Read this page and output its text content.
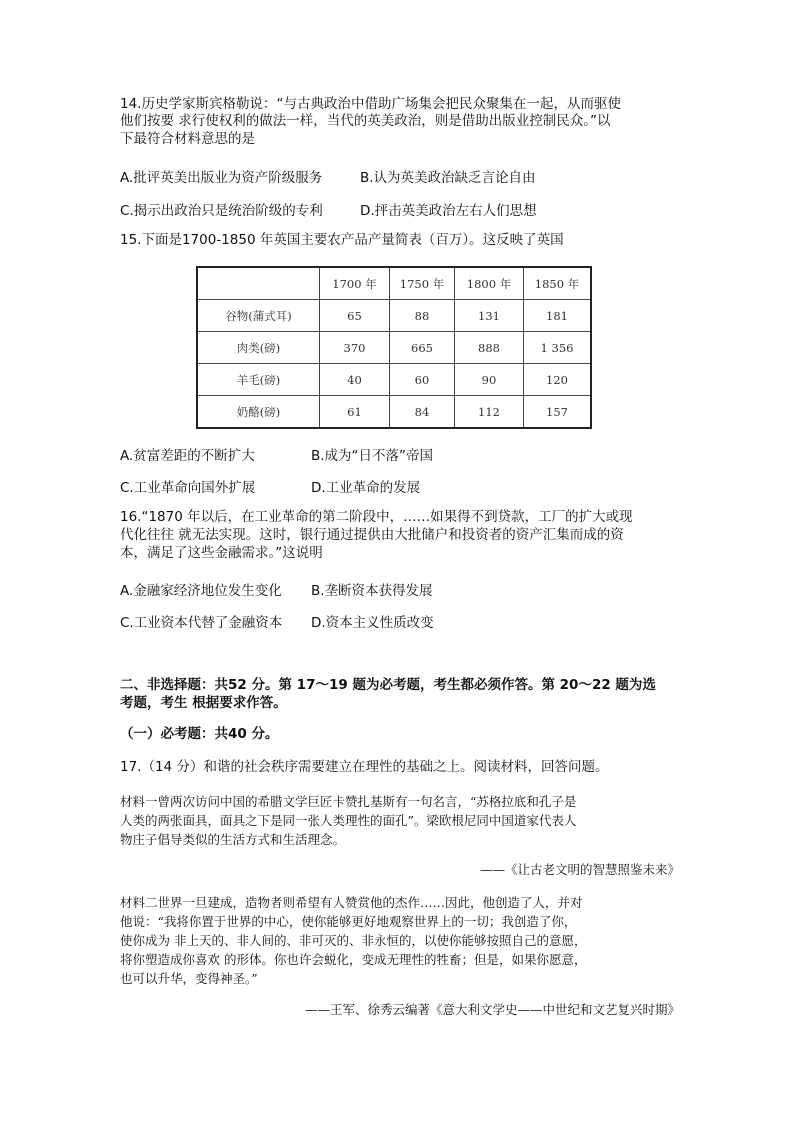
14.历史学家斯宾格勒说：“与古典政治中借助广场集会把民众聚集在一起，从而驱使
他们按要 求行使权利的做法一样，当代的英美政治，则是借助出版业控制民众。”以
下最符合材料意思的是
A.批评英美出版业为资产阶级服务	B.认为英美政治缺乏言论自由
C.揭示出政治只是统治阶级的专利	D.抨击英美政治左右人们思想
15.下面是1700-1850 年英国主要农产品产量简表（百万）。这反映了英国
	1700 年	1750 年	1800 年	1850 年
谷物(蒲式耳)	65	88	131	181
肉类(磅)	370	665	888	1 356
羊毛(磅)	40	60	90	120
奶酪(磅)	61	84	112	157
A.贫富差距的不断扩大	B.成为“日不落”帝国
C.工业革命向国外扩展	D.工业革命的发展
16.“1870 年以后，在工业革命的第二阶段中，……如果得不到贷款，工厂的扩大或现
代化往往 就无法实现。这时，银行通过提供由大批储户和投资者的资产汇集而成的资
本，满足了这些金融需求。”这说明
A.金融家经济地位发生变化 B.垄断资本获得发展
C.工业资本代替了金融资本 D.资本主义性质改变
二、非选择题：共52 分。第 17～19 题为必考题，考生都必须作答。第 20～22 题为选
考题，考生 根据要求作答。
（一）必考题：共40 分。
17.（14 分）和谐的社会秩序需要建立在理性的基础之上。阅读材料，回答问题。
材料一曾两次访问中国的希腊文学巨匠卡赞扎基斯有一句名言，“苏格拉底和孔子是
人类的两张面具，面具之下是同一张人类理性的面孔”。梁欧根尼同中国道家代表人
物庄子倡导类似的生活方式和生活理念。
——《让古老文明的智慧照鉴未来》
材料二世界一旦建成，造物者则希望有人赞赏他的杰作……因此，他创造了人，并对
他说：“我将你置于世界的中心，使你能够更好地观察世界上的一切；我创造了你，
使你成为 非上天的、非人间的、非可灭的、非永恒的，以使你能够按照自己的意愿，
将你塑造成你喜欢 的形体。你也许会蜕化，变成无理性的牲畜；但是，如果你愿意，
也可以升华，变得神圣。”
——王军、徐秀云编著《意大利文学史——中世纪和文艺复兴时期》
